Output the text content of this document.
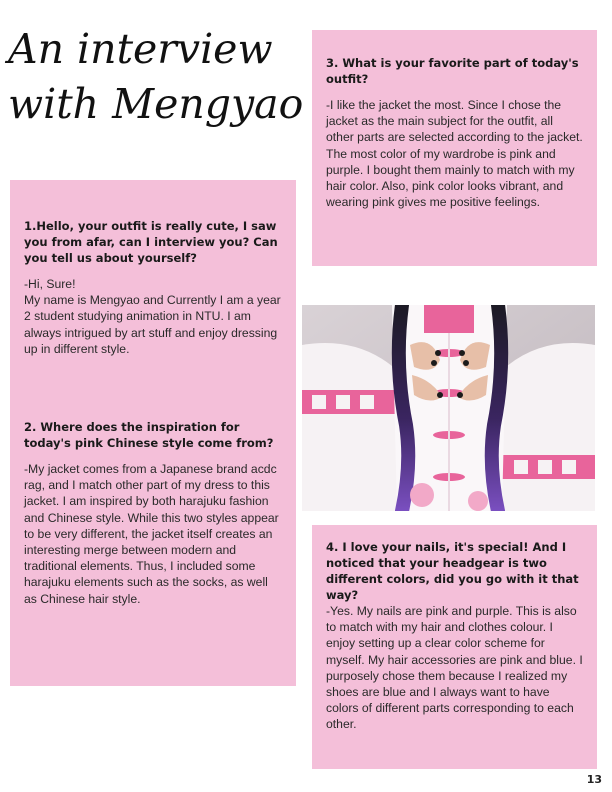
An interview
with Mengyao

1.Hello, your outfit is really cute, I saw you from afar, can I interview you? Can you tell us about yourself?

-Hi, Sure!
My name is Mengyao and Currently I am a year 2 student studying animation in NTU. I am always intrigued by art stuff and enjoy dressing up in different style.

2. Where does the inspiration for today's pink Chinese style come from?

-My jacket comes from a Japanese brand acdc rag, and I match other part of my dress to this jacket. I am inspired by both harajuku fashion and Chinese style. While this two styles appear to be very different, the jacket itself creates an interesting merge between modern and traditional elements. Thus, I included some harajuku elements such as the socks, as well as Chinese hair style.

3. What is your favorite part of today's outfit?

-I like the jacket the most. Since I chose the jacket as the main subject for the outfit, all other parts are selected according to the jacket. The most color of my wardrobe is pink and purple. I bought them mainly to match with my hair color. Also, pink color looks vibrant, and wearing pink gives me positive feelings.

4. I love your nails, it's special! And I noticed that your headgear is two different colors, did you go with it that way?

-Yes. My nails are pink and purple. This is also to match with my hair and clothes colour. I enjoy setting up a clear color scheme for myself. My hair accessories are pink and blue. I purposely chose them because I realized my shoes are blue and I always want to have colors of different parts corresponding to each other.

13
